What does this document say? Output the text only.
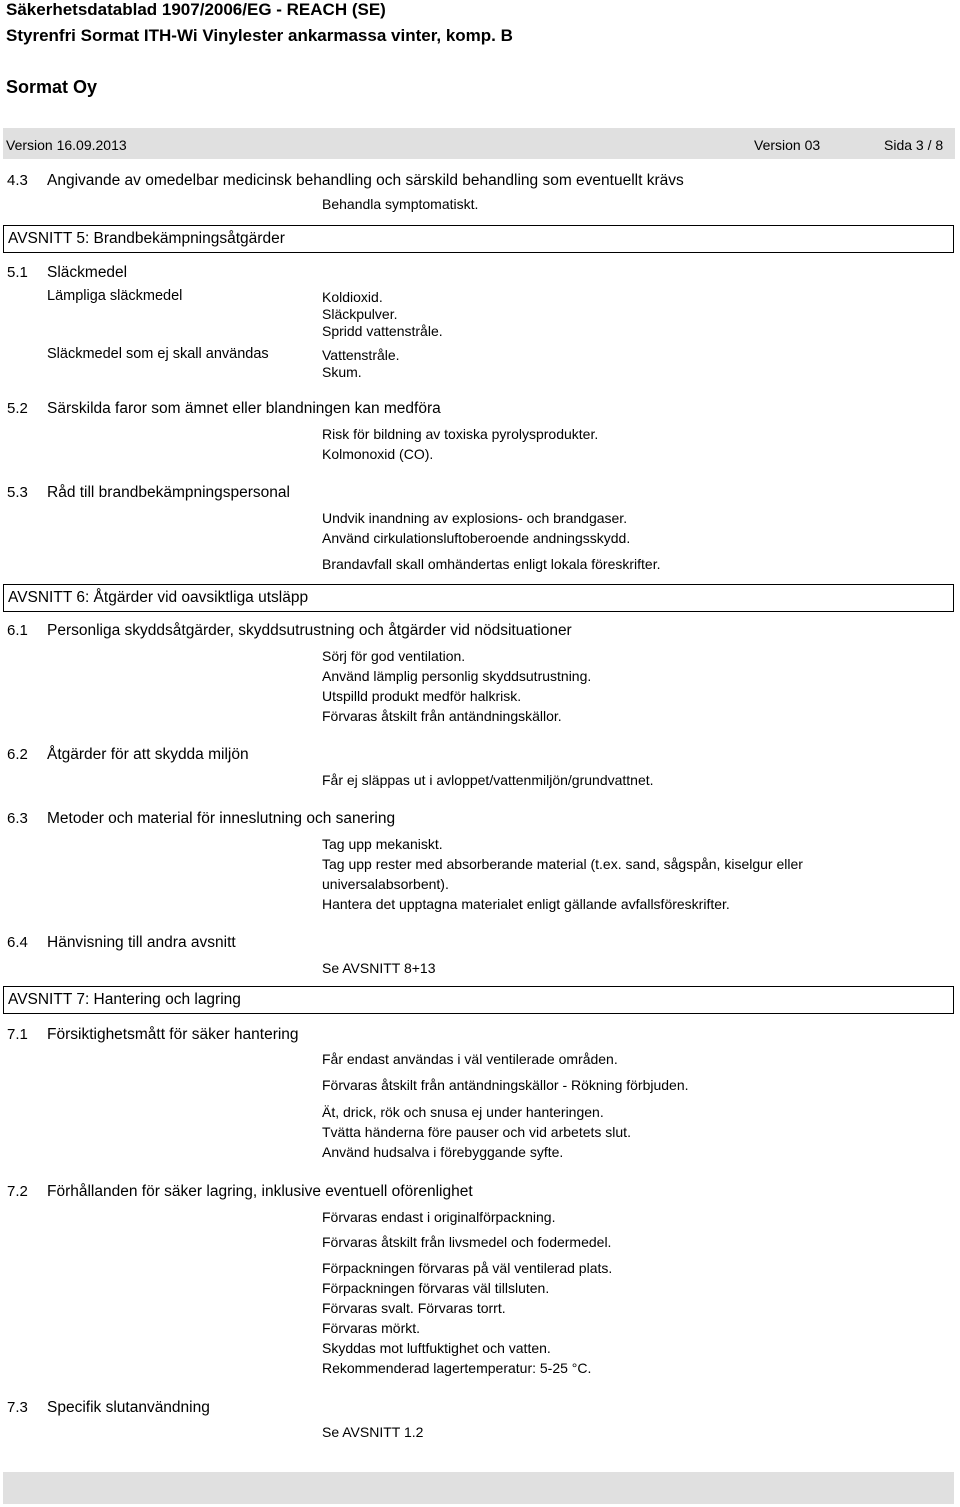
Säkerhetsdatablad 1907/2006/EG - REACH (SE)
Styrenfri Sormat ITH-Wi Vinylester ankarmassa vinter, komp. B
Sormat Oy
Version 16.09.2013	Version 03	Sida 3 / 8
4.3 Angivande av omedelbar medicinsk behandling och särskild behandling som eventuellt krävs
Behandla symptomatiskt.
AVSNITT 5: Brandbekämpningsåtgärder
5.1 Släckmedel
Lämpliga släckmedel	Koldioxid.
Släckpulver.
Spridd vattenstråle.
Släckmedel som ej skall användas	Vattenstråle.
Skum.
5.2 Särskilda faror som ämnet eller blandningen kan medföra
Risk för bildning av toxiska pyrolysprodukter.
Kolmonoxid (CO).
5.3 Råd till brandbekämpningspersonal
Undvik inandning av explosions- och brandgaser.
Använd cirkulationsluftoberoende andningsskydd.
Brandavfall skall omhändertas enligt lokala föreskrifter.
AVSNITT 6: Åtgärder vid oavsiktliga utsläpp
6.1 Personliga skyddsåtgärder, skyddsutrustning och åtgärder vid nödsituationer
Sörj för god ventilation.
Använd lämplig personlig skyddsutrustning.
Utspilld produkt medför halkrisk.
Förvaras åtskilt från antändningskällor.
6.2 Åtgärder för att skydda miljön
Får ej släppas ut i avloppet/vattenmiljön/grundvattnet.
6.3 Metoder och material för inneslutning och sanering
Tag upp mekaniskt.
Tag upp rester med absorberande material (t.ex. sand, sågspån, kiselgur eller
universalabsorbent).
Hantera det upptagna materialet enligt gällande avfallsföreskrifter.
6.4 Hänvisning till andra avsnitt
Se AVSNITT 8+13
AVSNITT 7: Hantering och lagring
7.1 Försiktighetsmått för säker hantering
Får endast användas i väl ventilerade områden.
Förvaras åtskilt från antändningskällor - Rökning förbjuden.
Ät, drick, rök och snusa ej under hanteringen.
Tvätta händerna före pauser och vid arbetets slut.
Använd hudsalva i förebyggande syfte.
7.2 Förhållanden för säker lagring, inklusive eventuell oförenlighet
Förvaras endast i originalförpackning.
Förvaras åtskilt från livsmedel och fodermedel.
Förpackningen förvaras på väl ventilerad plats.
Förpackningen förvaras väl tillsluten.
Förvaras svalt. Förvaras torrt.
Förvaras mörkt.
Skyddas mot luftfuktighet och vatten.
Rekommenderad lagertemperatur: 5-25 °C.
7.3 Specifik slutanvändning
Se AVSNITT 1.2
